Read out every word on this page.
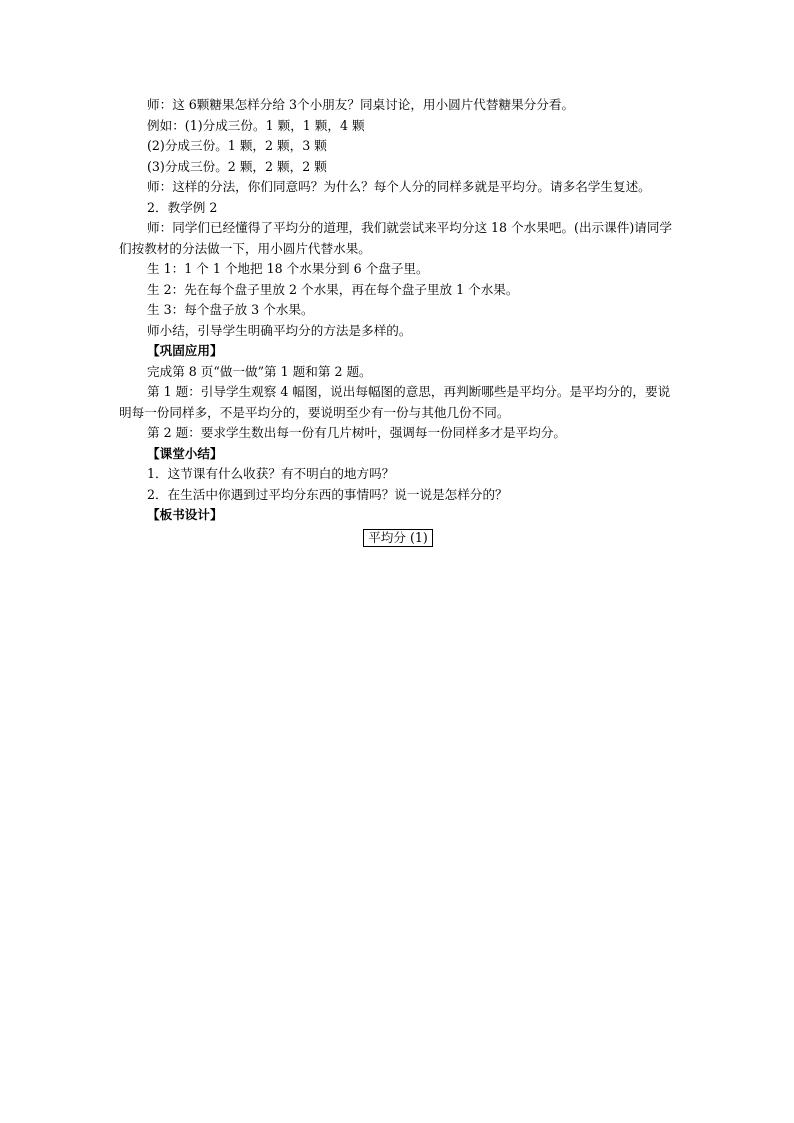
师：这 6颗糖果怎样分给 3个小朋友？同桌讨论，用小圆片代替糖果分分看。

例如：(1)分成三份。1 颗，1 颗，4 颗

(2)分成三份。1 颗，2 颗，3 颗

(3)分成三份。2 颗，2 颗，2 颗

师：这样的分法，你们同意吗？为什么？每个人分的同样多就是平均分。请多名学生复述。

2．教学例 2

师：同学们已经懂得了平均分的道理，我们就尝试来平均分这 18 个水果吧。(出示课件)请同学们按教材的分法做一下，用小圆片代替水果。

生 1：1 个 1 个地把 18 个水果分到 6 个盘子里。

生 2：先在每个盘子里放 2 个水果，再在每个盘子里放 1 个水果。

生 3：每个盘子放 3 个水果。

师小结，引导学生明确平均分的方法是多样的。

【巩固应用】

完成第 8 页“做一做”第 1 题和第 2 题。

第 1 题：引导学生观察 4 幅图，说出每幅图的意思，再判断哪些是平均分。是平均分的，要说明每一份同样多，不是平均分的，要说明至少有一份与其他几份不同。

第 2 题：要求学生数出每一份有几片树叶，强调每一份同样多才是平均分。

【课堂小结】

1．这节课有什么收获？有不明白的地方吗？

2．在生活中你遇到过平均分东西的事情吗？说一说是怎样分的？

【板书设计】

平均分 (1)
